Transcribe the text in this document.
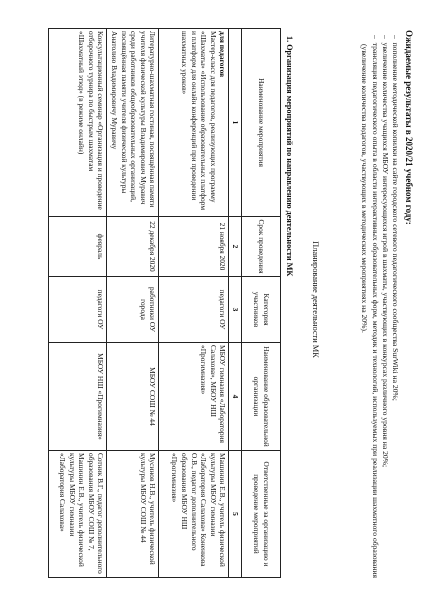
Ожидаемые результаты в 2020/21 учебном году:
–  пополнение методической копилки на сайте городского сетевого педагогического сообщества SurWiki на 20%;
–  увеличение количества учащихся МБОУ интересующихся игрой в шахматы, участвующих в конкурсах различного уровня на 20%;
–  трансляция педагогического опыта в области интерактивных образовательных форм, методик и технологий, используемых при реализации шахматного образования (увеличение количества педагогов, участвующих в методических мероприятиях на 20%).
Планирование деятельности МК
1. Организация мероприятий по направлению деятельности МК
Наименование мероприятия	Срок проведения	Категория участников	Наименование образовательной организации	Ответственные за организацию и проведение мероприятий
1	2	3	4	5

для педагогов
Мастер-класс для педагогов, реализующих программу «Шахматы» «Использование образовательных платформ и платформ для онлайн конференций при проведении шахматных уроков»	21 ноября 2020	педагоги ОУ	МБОУ гимназия «Лаборатория Салахова», МБОУ НШ «Прогимназия»	Машинин Е.В., учитель физической культуры МБОУ гимназии «Лаборатория Салахова» Коненкова О.В., педагог дополнительного образования МБОУ НШ «Прогимназия»

Литературно-шахматная гостиная, посвящённая памяти учителя физической культуры Владимирович Муравич
среди работников общеобразовательных организаций, посвящённая памяти учителя физической культуры Анатолию Владимировичу Муравичу	22 декабря 2020	работники ОУ города	МБОУ СОШ № 44	Мусинов Н.В., учитель физической культуры МБОУ СОШ № 44
Консультационный семинар «Организация и проведение отборочного турнира по быстрым шахматам «Шахматный этюд» (в режиме онлайн)	февраль	педагоги ОУ	МБОУ НШ «Прогимназия»	Сотник В.Г., педагог дополнительного образования МБОУ СОШ № 7, Машинин Е.В., учитель физической культуры МБОУ гимназии «Лаборатория Салахова»
